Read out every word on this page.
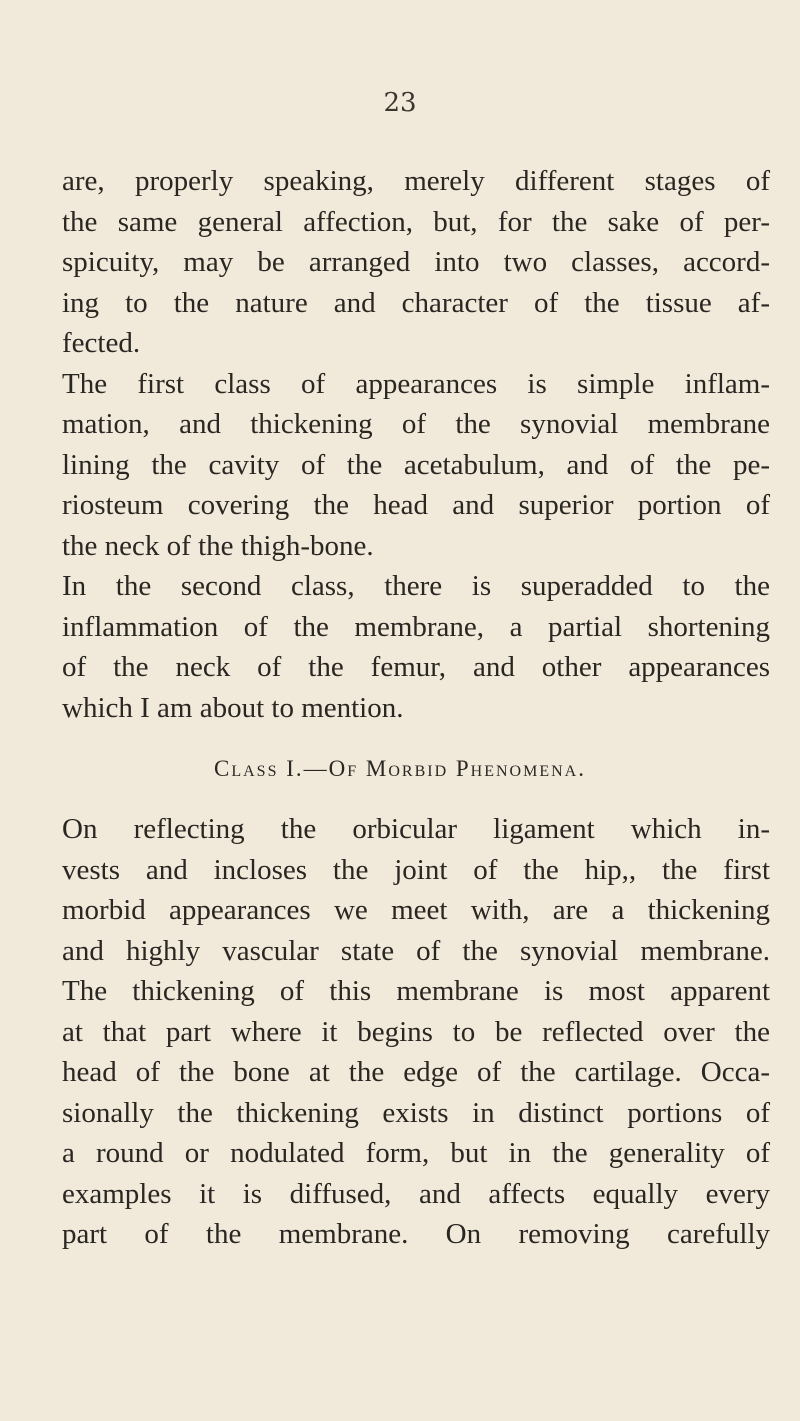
23
are, properly speaking, merely different stages of
the same general affection, but, for the sake of per-
spicuity, may be arranged into two classes, accord-
ing to the nature and character of the tissue af-
fected.
The first class of appearances is simple inflam-
mation, and thickening of the synovial membrane
lining the cavity of the acetabulum, and of the pe-
riosteum covering the head and superior portion of
the neck of the thigh-bone.
In the second class, there is superadded to the
inflammation of the membrane, a partial shortening
of the neck of the femur, and other appearances
which I am about to mention.
Class I.—Of Morbid Phenomena.
On reflecting the orbicular ligament which in-
vests and incloses the joint of the hip,, the first
morbid appearances we meet with, are a thickening
and highly vascular state of the synovial membrane.
The thickening of this membrane is most apparent
at that part where it begins to be reflected over the
head of the bone at the edge of the cartilage. Occa-
sionally the thickening exists in distinct portions of
a round or nodulated form, but in the generality of
examples it is diffused, and affects equally every
part of the membrane. On removing carefully
